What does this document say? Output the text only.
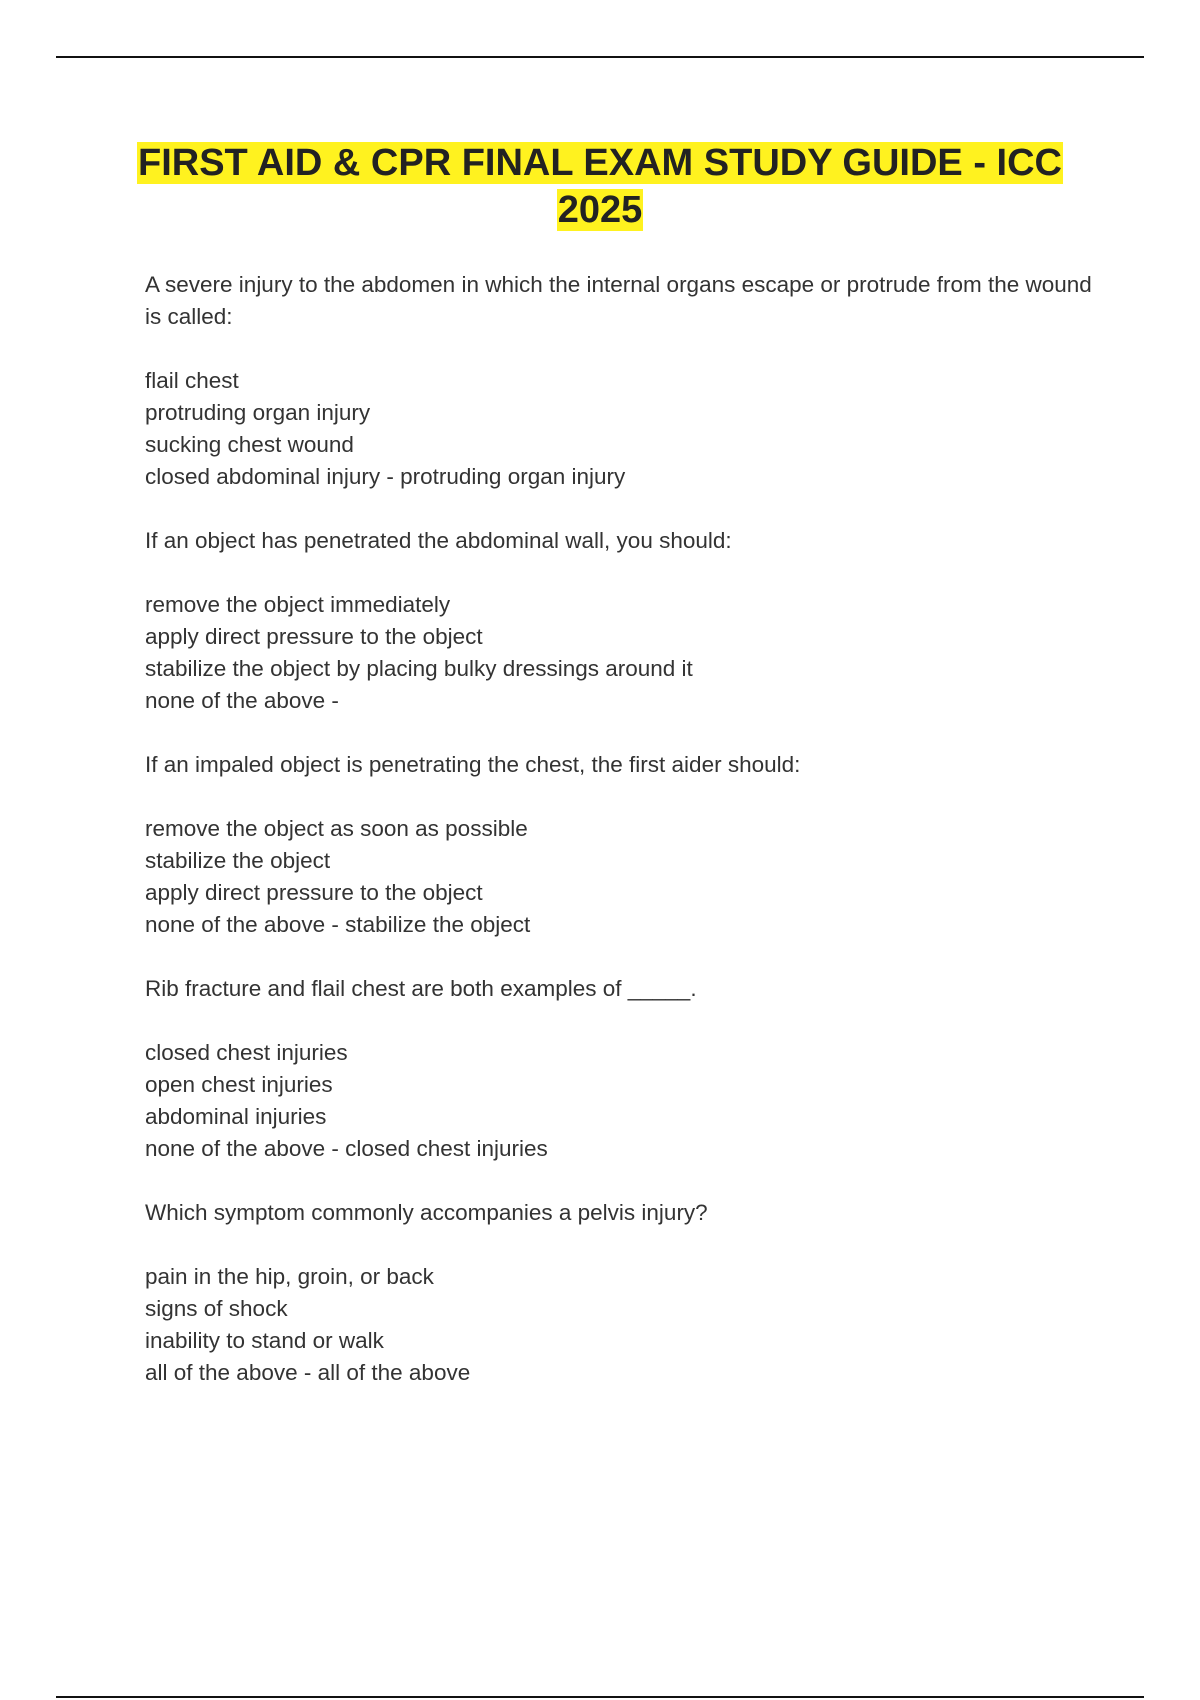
FIRST AID & CPR FINAL EXAM STUDY GUIDE - ICC 2025

A severe injury to the abdomen in which the internal organs escape or protrude from the wound is called:

flail chest
protruding organ injury
sucking chest wound
closed abdominal injury - protruding organ injury

If an object has penetrated the abdominal wall, you should:

remove the object immediately
apply direct pressure to the object
stabilize the object by placing bulky dressings around it
none of the above -

If an impaled object is penetrating the chest, the first aider should:

remove the object as soon as possible
stabilize the object
apply direct pressure to the object
none of the above - stabilize the object

Rib fracture and flail chest are both examples of _____.

closed chest injuries
open chest injuries
abdominal injuries
none of the above - closed chest injuries

Which symptom commonly accompanies a pelvis injury?

pain in the hip, groin, or back
signs of shock
inability to stand or walk
all of the above - all of the above
